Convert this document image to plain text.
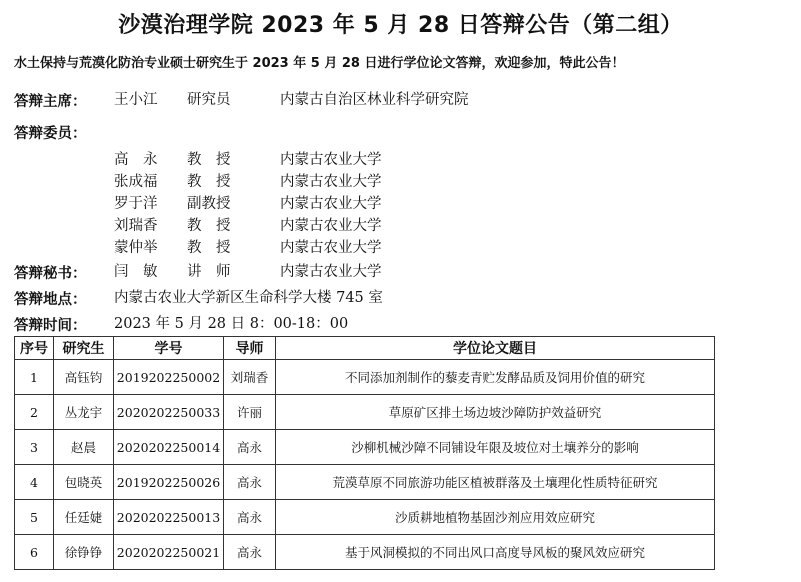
沙漠治理学院 2023 年 5 月 28 日答辩公告（第二组）
水土保持与荒漠化防治专业硕士研究生于 2023 年 5 月 28 日进行学位论文答辩，欢迎参加，特此公告！
答辩主席： 王小江 研究员	内蒙古自治区林业科学研究院
答辩委员：
高　永 教　授	内蒙古农业大学
张成福 教　授	内蒙古农业大学
罗于洋 副教授	内蒙古农业大学
刘瑞香 教　授	内蒙古农业大学
蒙仲举 教　授	内蒙古农业大学
答辩秘书： 闫　敏 讲　师	内蒙古农业大学
答辩地点： 内蒙古农业大学新区生命科学大楼 745 室
答辩时间： 2023 年 5 月 28 日 8：00-18：00
序号	研究生	学号	导师	学位论文题目
1	高钰钧	2019202250002	刘瑞香	不同添加剂制作的藜麦青贮发酵品质及饲用价值的研究
2	丛龙宇	2020202250033	许丽	草原矿区排土场边坡沙障防护效益研究
3	赵晨	2020202250014	高永	沙柳机械沙障不同铺设年限及坡位对土壤养分的影响
4	包晓英	2019202250026	高永	荒漠草原不同旅游功能区植被群落及土壤理化性质特征研究
5	任廷婕	2020202250013	高永	沙质耕地植物基固沙剂应用效应研究
6	徐铮铮	2020202250021	高永	基于风洞模拟的不同出风口高度导风板的聚风效应研究
